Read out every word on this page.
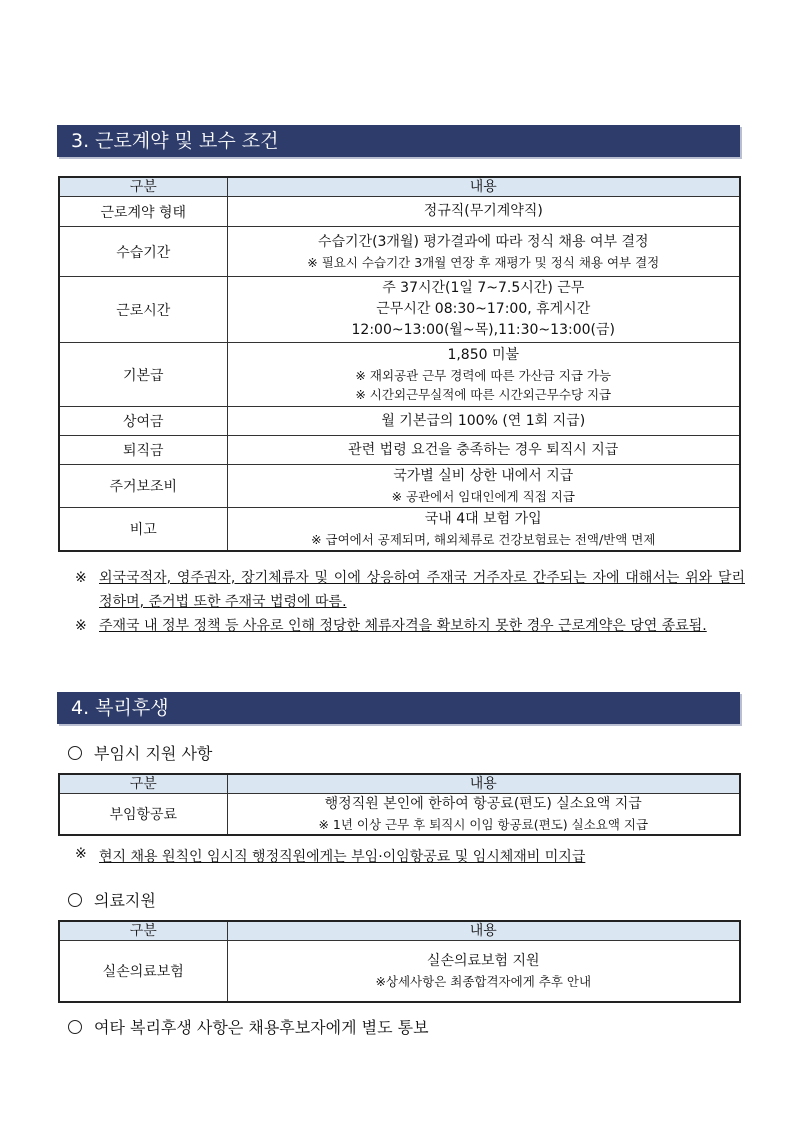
3. 근로계약 및 보수 조건
구분	내용
근로계약 형태	정규직(무기계약직)

수습기간	수습기간(3개월) 평가결과에 따라 정식 채용 여부 결정
※ 필요시 수습기간 3개월 연장 후 재평가 및 정식 채용 여부 결정

근로시간	주 37시간(1일 7~7.5시간) 근무
근무시간 08:30~17:00, 휴게시간
12:00~13:00(월~목),11:30~13:00(금)

기본급	1,850 미불
※ 재외공관 근무 경력에 따른 가산금 지급 가능
※ 시간외근무실적에 따른 시간외근무수당 지급

상여금	월 기본급의 100% (연 1회 지급)

퇴직금	관련 법령 요건을 충족하는 경우 퇴직시 지급

주거보조비	국가별 실비 상한 내에서 지급
※ 공관에서 임대인에게 직접 지급

비고	국내 4대 보험 가입
※ 급여에서 공제되며, 해외체류로 건강보험료는 전액/반액 면제
※ 외국국적자, 영주권자, 장기체류자 및 이에 상응하여 주재국 거주자로 간주되는 자에 대해서는 위와 달리 정하며, 준거법 또한 주재국 법령에 따름.
※ 주재국 내 정부 정책 등 사유로 인해 정당한 체류자격을 확보하지 못한 경우 근로계약은 당연 종료됨.
4. 복리후생
부임시 지원 사항
구분	내용
부임항공료	행정직원 본인에 한하여 항공료(편도) 실소요액 지급
※ 1년 이상 근무 후 퇴직시 이임 항공료(편도) 실소요액 지급
※ 현지 채용 원칙인 임시직 행정직원에게는 부임·이임항공료 및 임시체재비 미지급
의료지원
구분	내용
실손의료보험	실손의료보험 지원
※상세사항은 최종합격자에게 추후 안내
여타 복리후생 사항은 채용후보자에게 별도 통보
